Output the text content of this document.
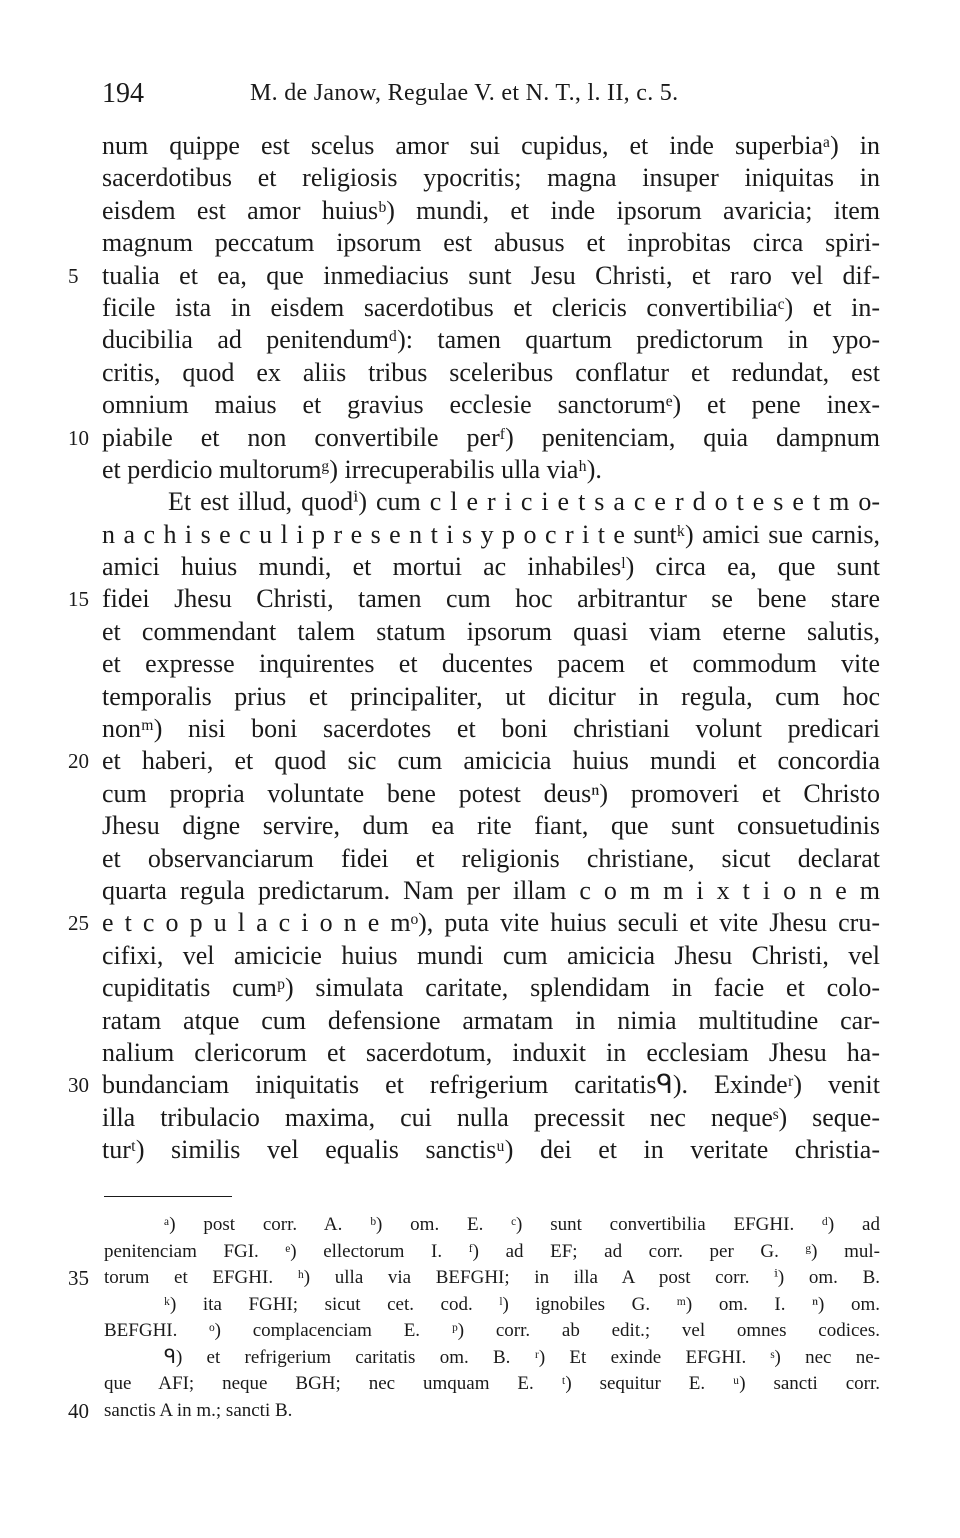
194	M. de Janow, Regulae V. et N. T., l. II, c. 5.
num quippe est scelus amor sui cupidus, et inde superbiaᵃ) in
sacerdotibus et religiosis ypocritis; magna insuper iniquitas in
eisdem est amor huiusᵇ) mundi, et inde ipsorum avaricia; item
magnum peccatum ipsorum est abusus et inprobitas circa spiri-
5 tualia et ea, que inmediacius sunt Jesu Christi, et raro vel dif-
ficile ista in eisdem sacerdotibus et clericis convertibiliaᶜ) et in-
ducibilia ad penitendumᵈ): tamen quartum predictorum in ypo-
critis, quod ex aliis tribus sceleribus conflatur et redundat, est
omnium maius et gravius ecclesie sanctorumᵉ) et pene inex-
10 piabile et non convertibile perᶠ) penitenciam, quia dampnum
et perdicio multorumᵍ) irrecuperabilis ulla viaʰ).
Et est illud, quodⁱ) cum c l e r i c i e t s a c e r d o t e s e t m o-
n a c h i s e c u l i p r e s e n t i s y p o c r i t e suntᵏ) amici sue carnis,
amici huius mundi, et mortui ac inhabilesˡ) circa ea, que sunt
15 fidei Jhesu Christi, tamen cum hoc arbitrantur se bene stare
et commendant talem statum ipsorum quasi viam eterne salutis,
et expresse inquirentes et ducentes pacem et commodum vite
temporalis prius et principaliter, ut dicitur in regula, cum hoc
nonᵐ) nisi boni sacerdotes et boni christiani volunt predicari
20 et haberi, et quod sic cum amicicia huius mundi et concordia
cum propria voluntate bene potest deusⁿ) promoveri et Christo
Jhesu digne servire, dum ea rite fiant, que sunt consuetudinis
et observanciarum fidei et religionis christiane, sicut declarat
quarta regula predictarum. Nam per illam c o m m i x t i o n e m
25 e t c o p u l a c i o n e mᵒ), puta vite huius seculi et vite Jhesu cru-
cifixi, vel amicicie huius mundi cum amicicia Jhesu Christi, vel
cupiditatis cumᵖ) simulata caritate, splendidam in facie et colo-
ratam atque cum defensione armatam in nimia multitudine car-
nalium clericorum et sacerdotum, induxit in ecclesiam Jhesu ha-
30 bundanciam iniquitatis et refrigerium caritatisᑫ). Exindeʳ) venit
illa tribulacio maxima, cui nulla precessit nec nequeˢ) seque-
turᵗ) similis vel equalis sanctisᵘ) dei et in veritate christia-
ᵃ) post corr. A. ᵇ) om. E. ᶜ) sunt convertibilia EFGHI. ᵈ) ad
penitenciam FGI. ᵉ) ellectorum I. ᶠ) ad EF; ad corr. per G. ᵍ) mul-
35 torum et EFGHI. ʰ) ulla via BEFGHI; in illa A post corr. ⁱ) om. B.
ᵏ) ita FGHI; sicut cet. cod. ˡ) ignobiles G. ᵐ) om. I. ⁿ) om.
BEFGHI. ᵒ) complacenciam E. ᵖ) corr. ab edit.; vel omnes codices.
ᑫ) et refrigerium caritatis om. B. ʳ) Et exinde EFGHI. ˢ) nec ne-
que AFI; neque BGH; nec umquam E. ᵗ) sequitur E. ᵘ) sancti corr.
40 sanctis A in m.; sancti B.
